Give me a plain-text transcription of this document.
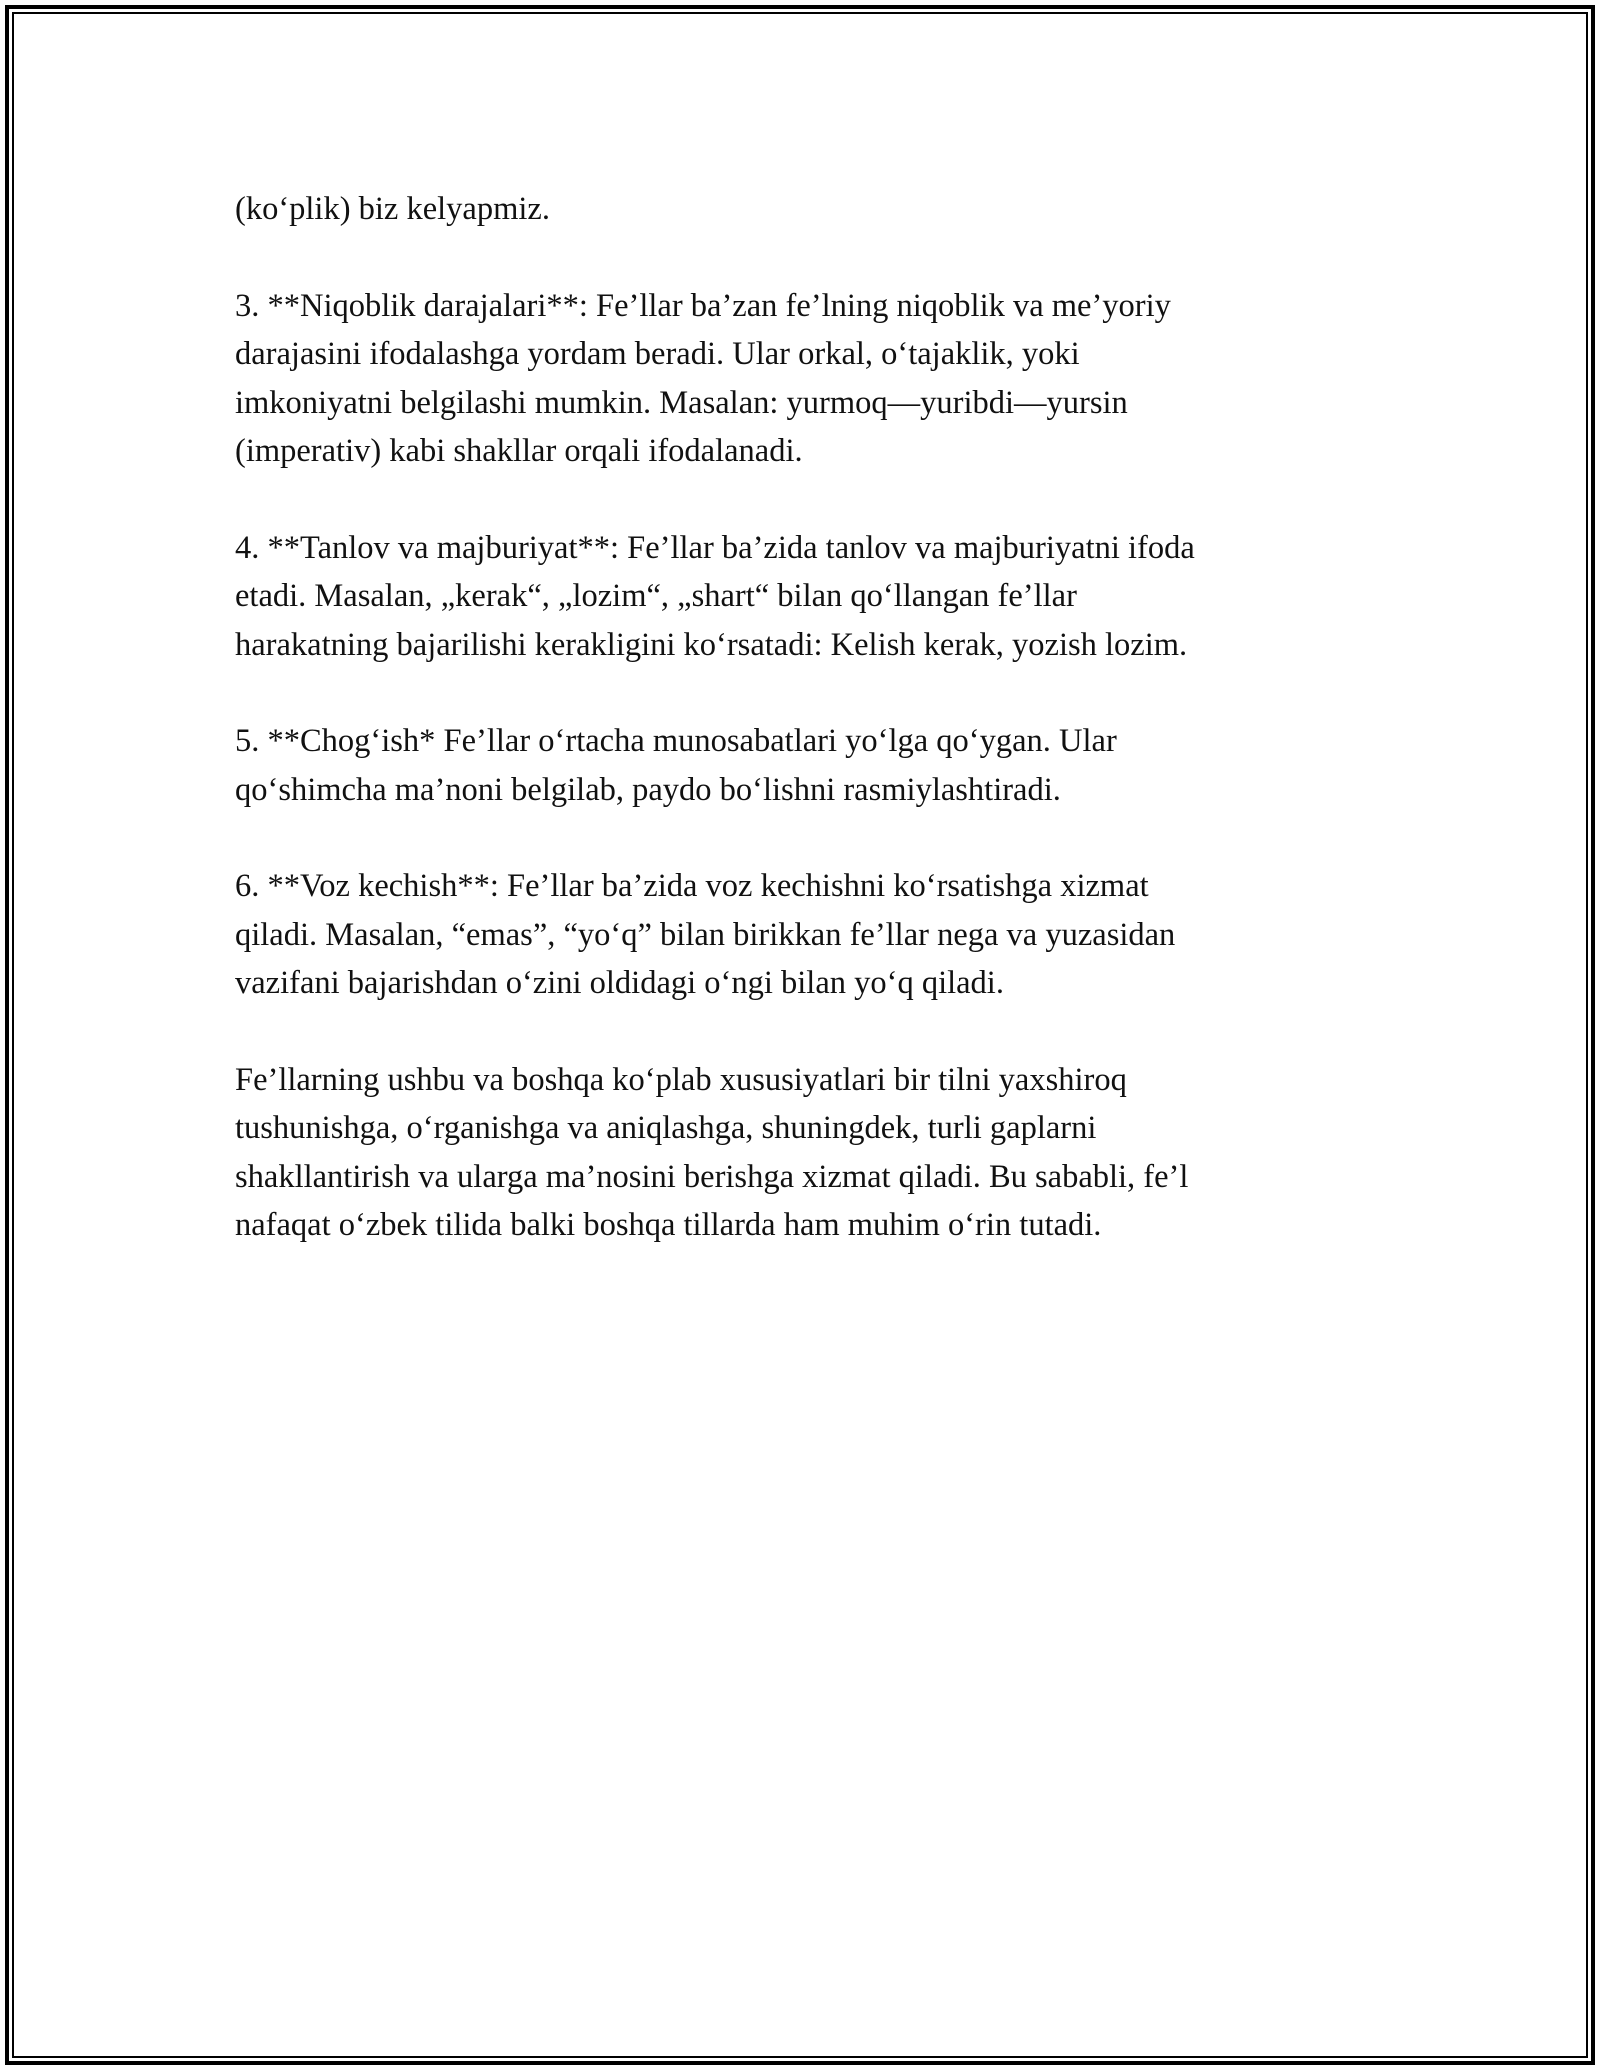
(ko‘plik) biz kelyapmiz.

3. **Niqoblik darajalari**: Fe’llar ba’zan fe’lning niqoblik va me’yoriy
darajasini ifodalashga yordam beradi. Ular orkal, o‘tajaklik, yoki
imkoniyatni belgilashi mumkin. Masalan: yurmoq—yuribdi—yursin
(imperativ) kabi shakllar orqali ifodalanadi.

4. **Tanlov va majburiyat**: Fe’llar ba’zida tanlov va majburiyatni ifoda
etadi. Masalan, „kerak“, „lozim“, „shart“ bilan qo‘llangan fe’llar
harakatning bajarilishi kerakligini ko‘rsatadi: Kelish kerak, yozish lozim.

5. **Chog‘ish* Fe’llar o‘rtacha munosabatlari yo‘lga qo‘ygan. Ular
qo‘shimcha ma’noni belgilab, paydo bo‘lishni rasmiylashtiradi.

6. **Voz kechish**: Fe’llar ba’zida voz kechishni ko‘rsatishga xizmat
qiladi. Masalan, “emas”, “yo‘q” bilan birikkan fe’llar nega va yuzasidan
vazifani bajarishdan o‘zini oldidagi o‘ngi bilan yo‘q qiladi.

Fe’llarning ushbu va boshqa ko‘plab xususiyatlari bir tilni yaxshiroq
tushunishga, o‘rganishga va aniqlashga, shuningdek, turli gaplarni
shakllantirish va ularga ma’nosini berishga xizmat qiladi. Bu sababli, fe’l
nafaqat o‘zbek tilida balki boshqa tillarda ham muhim o‘rin tutadi.
